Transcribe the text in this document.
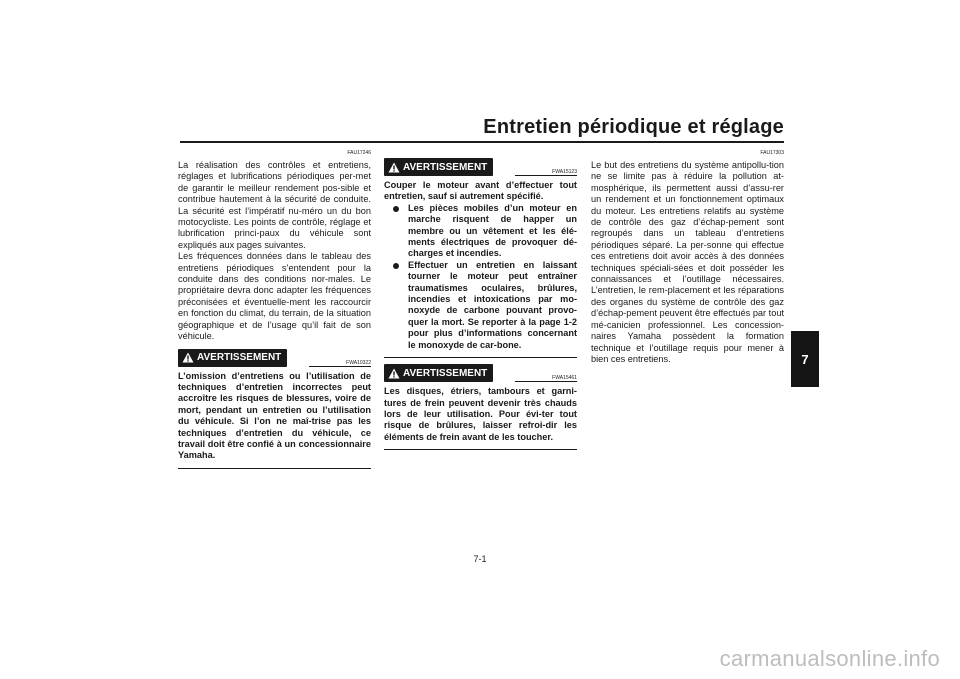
Entretien périodique et réglage
7
FAU17246

La réalisation des contrôles et entretiens, réglages et lubrifications périodiques per-met de garantir le meilleur rendement pos-sible et contribue hautement à la sécurité de conduite. La sécurité est l’impératif nu-méro un du bon motocycliste. Les points de contrôle, réglage et lubrification princi-paux du véhicule sont expliqués aux pages suivantes.

Les fréquences données dans le tableau des entretiens périodiques s’entendent pour la conduite dans des conditions nor-males. Le propriétaire devra donc adapter les fréquences préconisées et éventuelle-ment les raccourcir en fonction du climat, du terrain, de la situation géographique et de l’usage qu’il fait de son véhicule.

AVERTISSEMENT	FWA10322

L’omission d’entretiens ou l’utilisation de techniques d’entretien incorrectes peut accroître les risques de blessures, voire de mort, pendant un entretien ou l’utilisation du véhicule. Si l’on ne maî-trise pas les techniques d’entretien du véhicule, ce travail doit être confié à un concessionnaire Yamaha.

AVERTISSEMENT	FWA15123

Couper le moteur avant d’effectuer tout entretien, sauf si autrement spécifié.

Les pièces mobiles d’un moteur en marche risquent de happer un membre ou un vêtement et les élé-ments électriques de provoquer dé-charges et incendies.
Effectuer un entretien en laissant tourner le moteur peut entraîner traumatismes oculaires, brûlures, incendies et intoxications par mo-noxyde de carbone pouvant provo-quer la mort. Se reporter à la page 1-2 pour plus d’informations concernant le monoxyde de car-bone.
AVERTISSEMENT	FWA15461

Les disques, étriers, tambours et garni-tures de frein peuvent devenir très chauds lors de leur utilisation. Pour évi-ter tout risque de brûlures, laisser refroi-dir les éléments de frein avant de les toucher.

FAU17303

Le but des entretiens du système antipollu-tion ne se limite pas à réduire la pollution at-mosphérique, ils permettent aussi d’assu-rer un rendement et un fonctionnement optimaux du moteur. Les entretiens relatifs au système de contrôle des gaz d’échap-pement sont regroupés dans un tableau d’entretiens périodiques séparé. La per-sonne qui effectue ces entretiens doit avoir accès à des données techniques spéciali-sées et doit posséder les connaissances et l’outillage nécessaires. L’entretien, le rem-placement et les réparations des organes du système de contrôle des gaz d’échap-pement peuvent être effectués par tout mé-canicien professionnel. Les concession-naires Yamaha possèdent la formation technique et l’outillage requis pour mener à bien ces entretiens.

7-1
carmanualsonline.info
